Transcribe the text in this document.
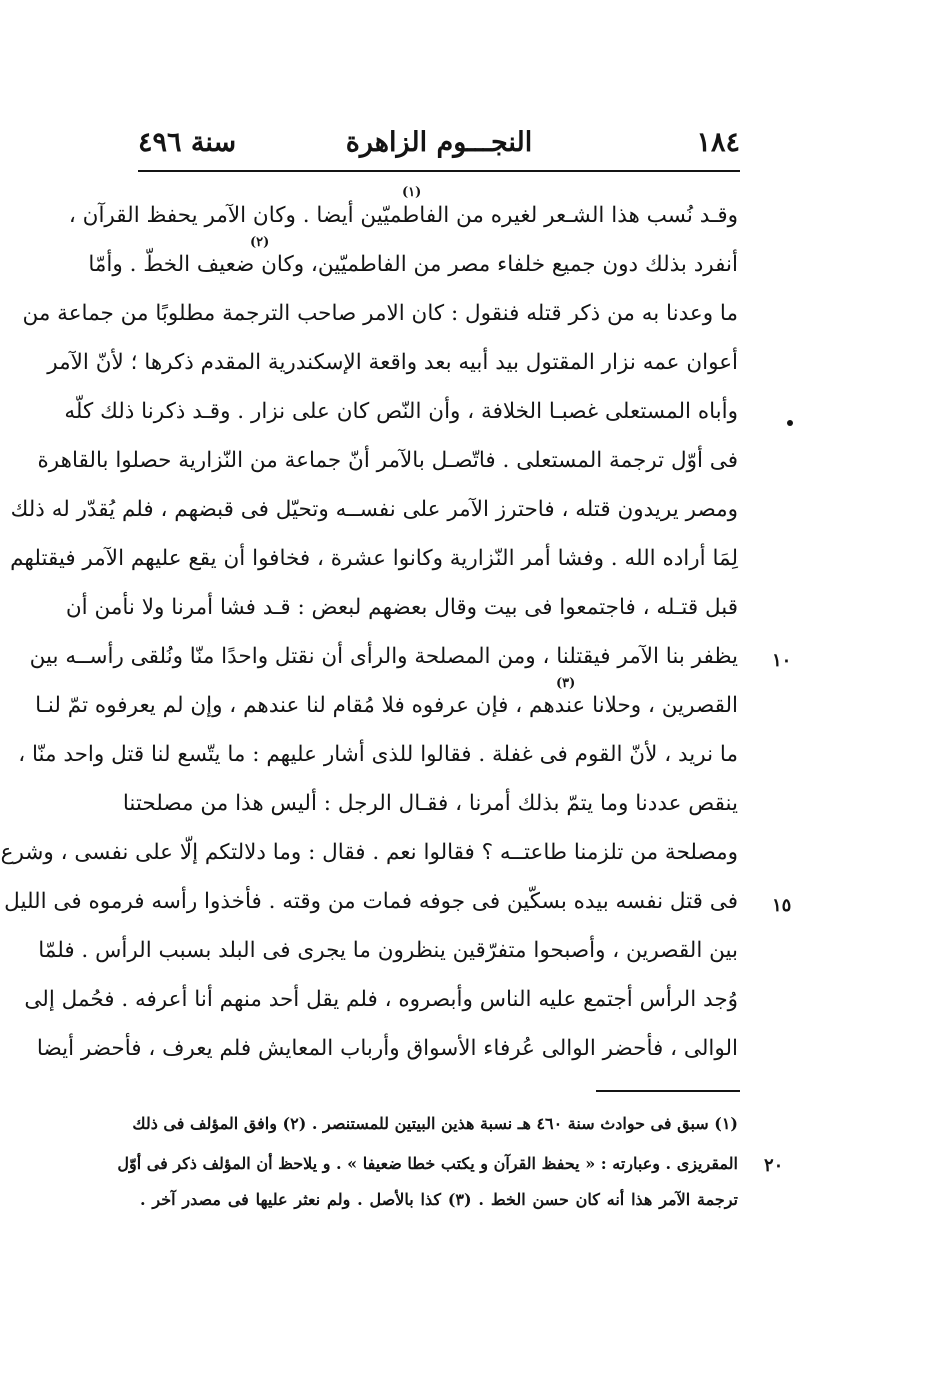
١٨٤
النجـــوم الزاهرة
سنة ٤٩٦
وقـد نُسب هذا الشـعر لغيره من الفاطميّين أيضا . وكان الآمر يحفظ القرآن ،
أنفرد بذلك دون جميع خلفاء مصر من الفاطميّين، وكان ضعيف الخطّ . وأمّا
ما وعدنا به من ذكر قتله فنقول : كان الامر صاحب الترجمة مطلوبًا من جماعة من
أعوان عمه نزار المقتول بيد أبيه بعد واقعة الإسكندرية المقدم ذكرها ؛ لأنّ الآمر
وأباه المستعلى غصبـا الخلافة ، وأن النّص كان على نزار . وقـد ذكرنا ذلك كلّه
فى أوّل ترجمة المستعلى . فاتّصـل بالآمر أنّ جماعة من النّزارية حصلوا بالقاهرة
ومصر يريدون قتله ، فاحترز الآمر على نفســه وتحيّل فى قبضهم ، فلم يُقدّر له ذلك
لِمَا أراده الله . وفشا أمر النّزارية وكانوا عشرة ، فخافوا أن يقع عليهم الآمر فيقتلهم
قبل قتـله ، فاجتمعوا فى بيت وقال بعضهم لبعض : قـد فشا أمرنا ولا نأمن أن
يظفر بنا الآمر فيقتلنا ، ومن المصلحة والرأى أن نقتل واحدًا منّا ونُلقى رأســه بين
القصرين ، وحلانا عندهم ، فإن عرفوه فلا مُقام لنا عندهم ، وإن لم يعرفوه تمّ لنـا
ما نريد ، لأنّ القوم فى غفلة . فقالوا للذى أشار عليهم : ما يتّسع لنا قتل واحد منّا ،
ينقص عددنا وما يتمّ بذلك أمرنا ، فقـال الرجل : أليس هذا من مصلحتنا
ومصلحة من تلزمنا طاعتــه ؟ فقالوا نعم . فقال : وما دلالتكم إلّا على نفسى ، وشرع
فى قتل نفسه بيده بسكّين فى جوفه فمات من وقته . فأخذوا رأسه فرموه فى الليل
بين القصرين ، وأصبحوا متفرّقين ينظرون ما يجرى فى البلد بسبب الرأس . فلمّا
وُجد الرأس أجتمع عليه الناس وأبصروه ، فلم يقل أحد منهم أنا أعرفه . فحُمل إلى
الوالى ، فأحضر الوالى عُرفاء الأسواق وأرباب المعايش فلم يعرف ، فأحضر أيضا
(١)
(٢)
(٣)
١٠
١٥
٢٠
(١) سبق فى حوادث سنة ٤٦٠ هـ نسبة هذين البيتين للمستنصر . (٢) وافق المؤلف فى ذلك
المقريزى . وعبارته : « يحفظ القرآن و يكتب خطا ضعيفا » . و يلاحظ أن المؤلف ذكر فى أوّل
ترجمة الآمر هذا أنه كان حسن الخط . (٣) كذا بالأصل . ولم نعثر عليها فى مصدر آخر .
